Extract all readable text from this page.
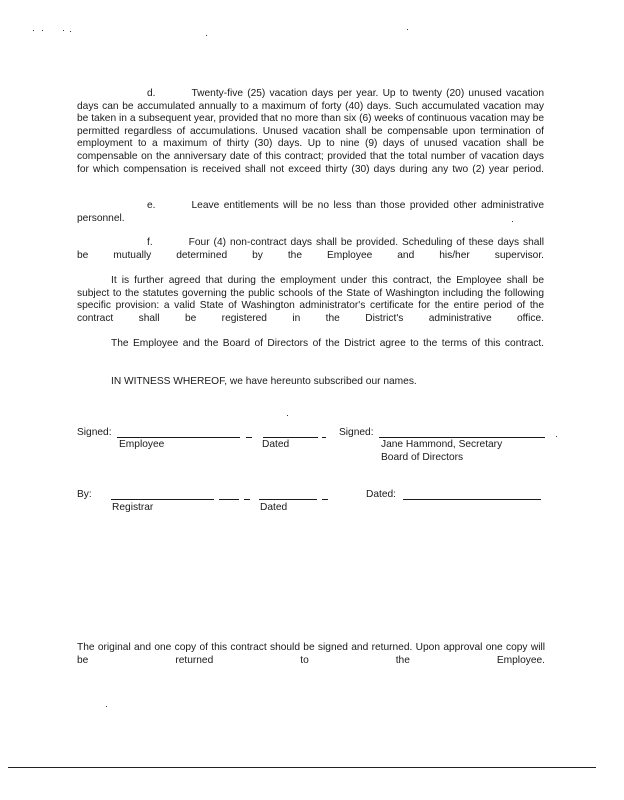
d.	Twenty-five (25) vacation days per year. Up to twenty (20) unused vacation days can be accumulated annually to a maximum of forty (40) days. Such accumulated vacation may be taken in a subsequent year, provided that no more than six (6) weeks of continuous vacation may be permitted regardless of accumulations. Unused vacation shall be compensable upon termination of employment to a maximum of thirty (30) days. Up to nine (9) days of unused vacation shall be compensable on the anniversary date of this contract; provided that the total number of vacation days for which compensation is received shall not exceed thirty (30) days during any two (2) year period.
e.	Leave entitlements will be no less than those provided other administrative personnel.
f.	Four (4) non-contract days shall be provided. Scheduling of these days shall be mutually determined by the Employee and his/her supervisor.
It is further agreed that during the employment under this contract, the Employee shall be subject to the statutes governing the public schools of the State of Washington including the following specific provision: a valid State of Washington administrator's certificate for the entire period of the contract shall be registered in the District's administrative office.
The Employee and the Board of Directors of the District agree to the terms of this contract.
IN WITNESS WHEREOF, we have hereunto subscribed our names.
Signed:
Employee	Dated
Signed:
Jane Hammond, Secretary
Board of Directors
By:
Registrar	Dated
Dated:
The original and one copy of this contract should be signed and returned. Upon approval one copy will be returned to the Employee.
